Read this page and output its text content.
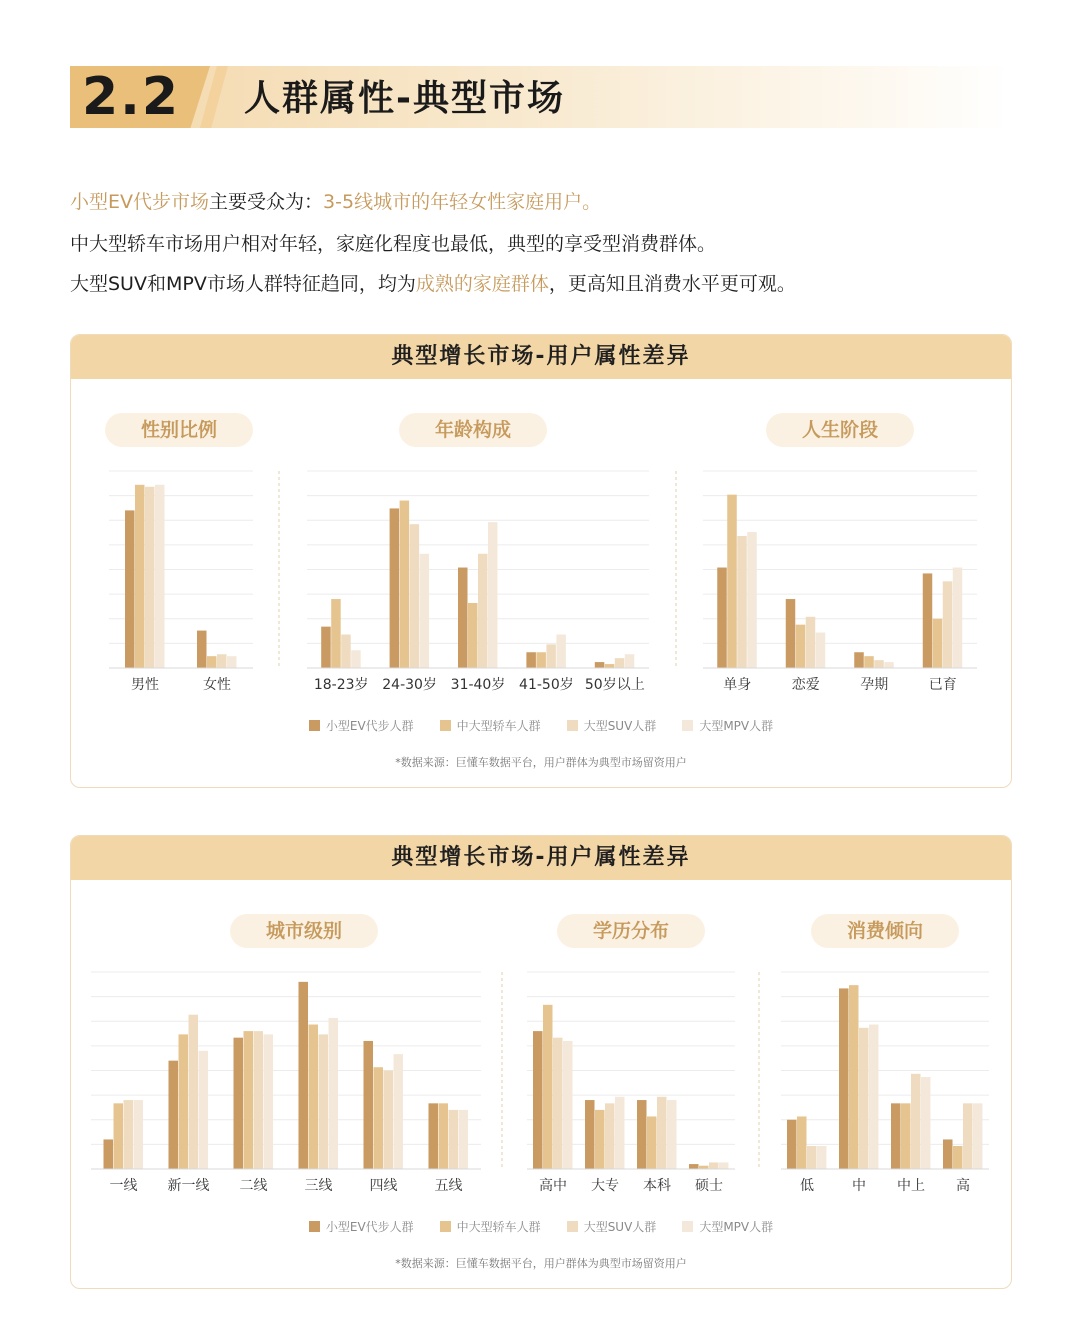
2.2 人群属性-典型市场
小型EV代步市场主要受众为：3-5线城市的年轻女性家庭用户。
中大型轿车市场用户相对年轻，家庭化程度也最低，典型的享受型消费群体。
大型SUV和MPV市场人群特征趋同，均为成熟的家庭群体，更高知且消费水平更可观。
典型增长市场-用户属性差异
性别比例
男性	女性
年龄构成
18-23岁 24-30岁 31-40岁 41-50岁 50岁以上
人生阶段
单身	恋爱	孕期	已育
小型EV代步人群	中大型轿车人群	大型SUV人群	大型MPV人群
*数据来源：巨懂车数据平台，用户群体为典型市场留资用户
典型增长市场-用户属性差异
城市级别
一线 新一线 二线	三线	四线	五线
学历分布
高中 大专 本科 硕士
消费倾向
低	中 中上 高
小型EV代步人群	中大型轿车人群	大型SUV人群	大型MPV人群
*数据来源：巨懂车数据平台，用户群体为典型市场留资用户
